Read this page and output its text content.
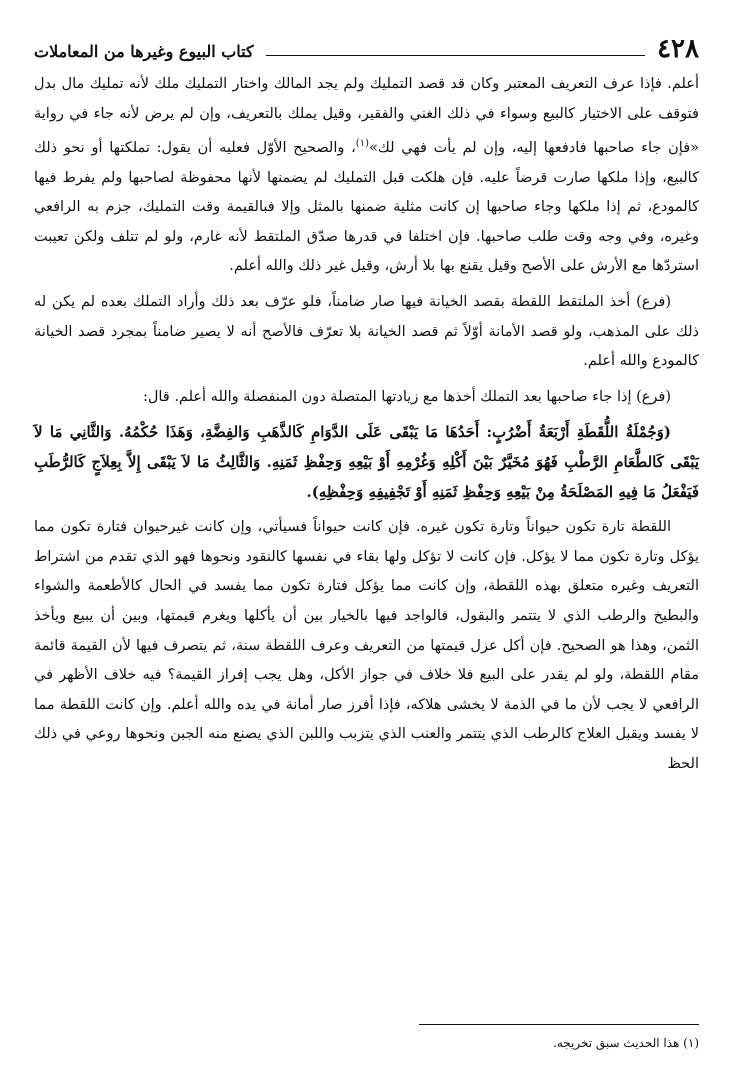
٤٢٨
كتاب البيوع وغيرها من المعاملات

أعلم. فإذا عرف التعريف المعتبر وكان قد قصد التمليك ولم يجد المالك واختار التمليك ملك لأنه تمليك مال بدل فتوقف على الاختيار كالبيع وسواء في ذلك الغني والفقير، وقيل يملك بالتعريف، وإن لم يرض لأنه جاء في رواية «فإن جاء صاحبها فادفعها إليه، وإن لم يأت فهي لك»$^{(١)}$، والصحيح الأوّل فعليه أن يقول: تملكتها أو نحو ذلك كالبيع، وإذا ملكها صارت قرضاً عليه. فإن هلكت قبل التمليك لم يضمنها لأنها محفوظة لصاحبها ولم يفرط فيها كالمودع، ثم إذا ملكها وجاء صاحبها إن كانت مثلية ضمنها بالمثل وإلا فبالقيمة وقت التمليك، جزم به الرافعي وغيره، وفي وجه وقت طلب صاحبها. فإن اختلفا في قدرها صدّق الملتقط لأنه غارم، ولو لم تتلف ولكن تعيبت استردّها مع الأرش على الأصح وقيل يقنع بها بلا أرش، وقيل غير ذلك والله أعلم.

(فرع) أخذ الملتقط اللقطة بقصد الخيانة فيها صار ضامناً، فلو عرّف بعد ذلك وأراد التملك بعده لم يكن له ذلك على المذهب، ولو قصد الأمانة أوّلاً ثم قصد الخيانة بلا تعرّف فالأصح أنه لا يصير ضامناً بمجرد قصد الخيانة كالمودع والله أعلم.

(فرع) إذا جاء صاحبها بعد التملك أخذها مع زيادتها المتصلة دون المنفصلة والله أعلم. قال:

(وَجُمْلَةُ اللُّقَطَةِ أَرْبَعَةُ أَضْرُبٍ: أَحَدُهَا مَا يَبْقَى عَلَى الدَّوَامِ كَالذَّهَبِ وَالفِضَّةِ، وَهَذَا حُكْمُهُ. وَالثَّانِي مَا لاَ يَبْقَى كَالطَّعَامِ الرَّطْبِ فَهُوَ مُخَيَّرٌ بَيْنَ أَكْلِهِ وَغُرْمِهِ أَوْ بَيْعِهِ وَحِفْظِ ثَمَنِهِ. وَالثَّالِثُ مَا لاَ يَبْقَى إِلاَّ بِعِلاَجٍ كَالرُّطَبِ فَيَفْعَلُ مَا فِيهِ المَصْلَحَةُ مِنْ بَيْعِهِ وَحِفْظِ ثَمَنِهِ أَوْ تَجْفِيفِهِ وَحِفْظِهِ).

اللقطة تارة تكون حيواناً وتارة تكون غيره. فإن كانت حيواناً فسيأتي، وإن كانت غيرحيوان فتارة تكون مما يؤكل وتارة تكون مما لا يؤكل. فإن كانت لا تؤكل ولها بقاء في نفسها كالنقود ونحوها فهو الذي تقدم من اشتراط التعريف وغيره متعلق بهذه اللقطة، وإن كانت مما يؤكل فتارة تكون مما يفسد في الحال كالأطعمة والشواء والبطيخ والرطب الذي لا يتتمر والبقول، فالواجد فيها بالخيار بين أن يأكلها ويغرم قيمتها، وبين أن يبيع ويأخذ الثمن، وهذا هو الصحيح. فإن أكل عزل قيمتها من التعريف وعرف اللقطة سنة، ثم يتصرف فيها لأن القيمة قائمة مقام اللقطة، ولو لم يقدر على البيع فلا خلاف في جواز الأكل، وهل يجب إفراز القيمة؟ فيه خلاف الأظهر في الرافعي لا يجب لأن ما في الذمة لا يخشى هلاكه، فإذا أفرز صار أمانة في يده والله أعلم. وإن كانت اللقطة مما لا يفسد ويقبل العلاج كالرطب الذي يتتمر والعنب الذي يتزبب واللبن الذي يصنع منه الجبن ونحوها روعي في ذلك الحظ

(١) هذا الحديث سبق تخريجه.
